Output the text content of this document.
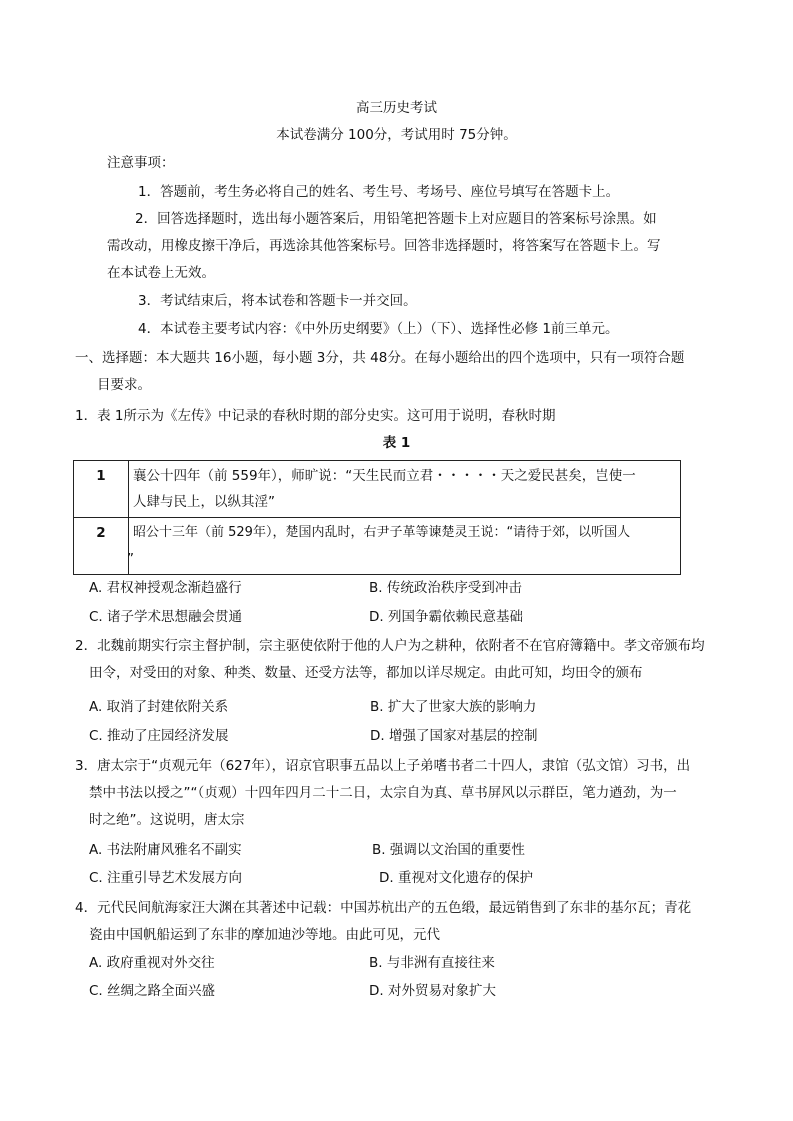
高三历史考试
本试卷满分 100分，考试用时 75分钟。
注意事项：
1．答题前，考生务必将自己的姓名、考生号、考场号、座位号填写在答题卡上。
2．回答选择题时，选出每小题答案后，用铅笔把答题卡上对应题目的答案标号涂黑。如
需改动，用橡皮擦干净后，再选涂其他答案标号。回答非选择题时，将答案写在答题卡上。写
在本试卷上无效。
3．考试结束后，将本试卷和答题卡一并交回。
4．本试卷主要考试内容：《中外历史纲要》（上）（下）、选择性必修 1前三单元。
一、选择题：本大题共 16小题，每小题 3分，共 48分。在每小题给出的四个选项中，只有一项符合题
目要求。
1．表 1所示为《左传》中记录的春秋时期的部分史实。这可用于说明，春秋时期
表 1
1	襄公十四年（前 559年），师旷说：“天生民而立君・・・・・天之爱民甚矣，岂使一
人肆与民上，以纵其淫”

2	昭公十三年（前 529年），楚国内乱时，右尹子革等谏楚灵王说：“请待于郊，以听国人
”
A. 君权神授观念渐趋盛行	B. 传统政治秩序受到冲击
C. 诸子学术思想融会贯通	D. 列国争霸依赖民意基础
2．北魏前期实行宗主督护制，宗主驱使依附于他的人户为之耕种，依附者不在官府簿籍中。孝文帝颁布均
田令，对受田的对象、种类、数量、还受方法等，都加以详尽规定。由此可知，均田令的颁布
A. 取消了封建依附关系	B. 扩大了世家大族的影响力
C. 推动了庄园经济发展	D. 增强了国家对基层的控制
3．唐太宗于“贞观元年（627年），诏京官职事五品以上子弟嗜书者二十四人，隶馆（弘文馆）习书，出
禁中书法以授之”“（贞观）十四年四月二十二日，太宗自为真、草书屏风以示群臣，笔力遒劲，为一
时之绝”。这说明，唐太宗
A. 书法附庸风雅名不副实	B. 强调以文治国的重要性
C. 注重引导艺术发展方向	D. 重视对文化遗存的保护
4．元代民间航海家汪大渊在其著述中记载：中国苏杭出产的五色缎，最远销售到了东非的基尔瓦；青花
瓷由中国帆船运到了东非的摩加迪沙等地。由此可见，元代
A. 政府重视对外交往	B. 与非洲有直接往来
C. 丝绸之路全面兴盛	D. 对外贸易对象扩大
